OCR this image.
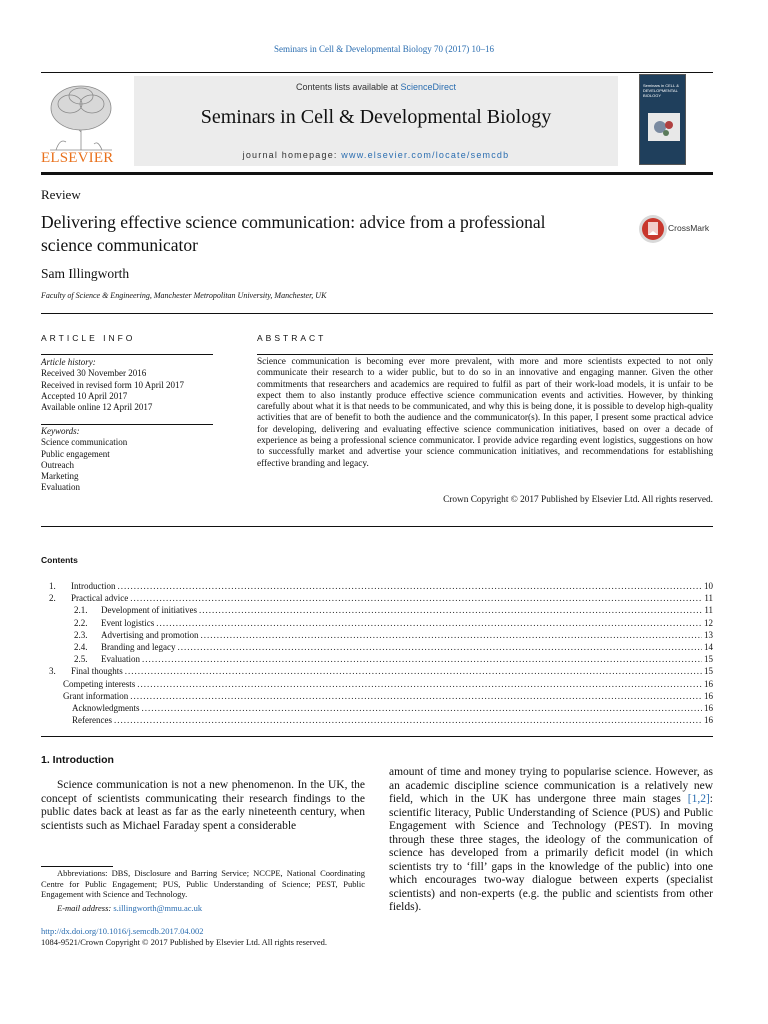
Seminars in Cell & Developmental Biology 70 (2017) 10–16
ELSEVIER
Contents lists available at ScienceDirect
Seminars in Cell & Developmental Biology
journal homepage: www.elsevier.com/locate/semcdb
Seminars in CELL & DEVELOPMENTAL BIOLOGY
Review
Delivering effective science communication: advice from a professional science communicator
CrossMark
Sam Illingworth
Faculty of Science & Engineering, Manchester Metropolitan University, Manchester, UK
ARTICLE INFO	ABSTRACT
Article history:
Received 30 November 2016
Received in revised form 10 April 2017
Accepted 10 April 2017
Available online 12 April 2017
Keywords:
Science communication
Public engagement
Outreach
Marketing
Evaluation
Science communication is becoming ever more prevalent, with more and more scientists expected to not only communicate their research to a wider public, but to do so in an innovative and engaging manner. Given the other commitments that researchers and academics are required to fulfil as part of their work-load models, it is unfair to be expect them to also instantly produce effective science communication events and activities. However, by thinking carefully about what it is that needs to be communicated, and why this is being done, it is possible to develop high-quality activities that are of benefit to both the audience and the communicator(s). In this paper, I present some practical advice for developing, delivering and evaluating effective science communication initiatives, based on over a decade of experience as being a professional science communicator. I provide advice regarding event logistics, suggestions on how to successfully market and advertise your science communication initiatives, and recommendations for establishing effective branding and legacy.
Crown Copyright © 2017 Published by Elsevier Ltd. All rights reserved.
Contents
1.	Introduction .....	10
2.	Practical advice .....	11
2.1.	Development of initiatives .....	11
2.2.	Event logistics .....	12
2.3.	Advertising and promotion .....	13
2.4.	Branding and legacy .....	14
2.5.	Evaluation .....	15
3.	Final thoughts .....	15
Competing interests .....	16
Grant information .....	16
Acknowledgments .....	16
References .....	16
1. Introduction
Science communication is not a new phenomenon. In the UK, the concept of scientists communicating their research findings to the public dates back at least as far as the early nineteenth century, when scientists such as Michael Faraday spent a considerable
amount of time and money trying to popularise science. However, as an academic discipline science communication is a relatively new field, which in the UK has undergone three main stages [1,2]: scientific literacy, Public Understanding of Science (PUS) and Public Engagement with Science and Technology (PEST). In moving through these three stages, the ideology of the communication of science has developed from a primarily deficit model (in which scientists try to ‘fill’ gaps in the knowledge of the public) into one which encourages two-way dialogue between experts (specialist scientists) and non-experts (e.g. the public and scientists from other fields).
Abbreviations: DBS, Disclosure and Barring Service; NCCPE, National Coordinating Centre for Public Engagement; PUS, Public Understanding of Science; PEST, Public Engagement with Science and Technology.
E-mail address: s.illingworth@mmu.ac.uk
http://dx.doi.org/10.1016/j.semcdb.2017.04.002
1084-9521/Crown Copyright © 2017 Published by Elsevier Ltd. All rights reserved.
